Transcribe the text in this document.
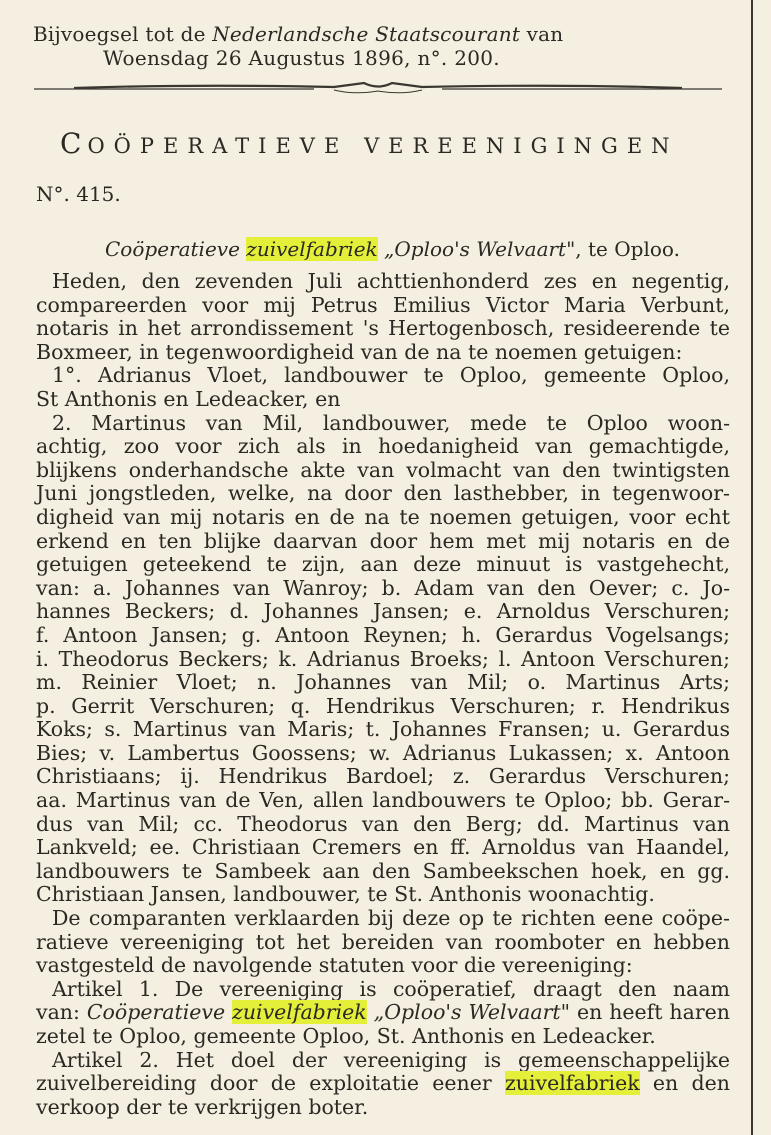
Bijvoegsel tot de Nederlandsche Staatscourant van
Woensdag 26 Augustus 1896, n°. 200.
COÖPERATIEVE VEREENIGINGEN
N°. 415.
Coöperatieve zuivelfabriek „Oploo's Welvaart", te Oploo.
Heden, den zevenden Juli achttienhonderd zes en negentig,
compareerden voor mij Petrus Emilius Victor Maria Verbunt,
notaris in het arrondissement 's Hertogenbosch, resideerende te
Boxmeer, in tegenwoordigheid van de na te noemen getuigen:
1°. Adrianus Vloet, landbouwer te Oploo, gemeente Oploo,
St Anthonis en Ledeacker, en
2. Martinus van Mil, landbouwer, mede te Oploo woon-
achtig, zoo voor zich als in hoedanigheid van gemachtigde,
blijkens onderhandsche akte van volmacht van den twintigsten
Juni jongstleden, welke, na door den lasthebber, in tegenwoor-
digheid van mij notaris en de na te noemen getuigen, voor echt
erkend en ten blijke daarvan door hem met mij notaris en de
getuigen geteekend te zijn, aan deze minuut is vastgehecht,
van: a. Johannes van Wanroy; b. Adam van den Oever; c. Jo-
hannes Beckers; d. Johannes Jansen; e. Arnoldus Verschuren;
f. Antoon Jansen; g. Antoon Reynen; h. Gerardus Vogelsangs;
i. Theodorus Beckers; k. Adrianus Broeks; l. Antoon Verschuren;
m. Reinier Vloet; n. Johannes van Mil; o. Martinus Arts;
p. Gerrit Verschuren; q. Hendrikus Verschuren; r. Hendrikus
Koks; s. Martinus van Maris; t. Johannes Fransen; u. Gerardus
Bies; v. Lambertus Goossens; w. Adrianus Lukassen; x. Antoon
Christiaans; ij. Hendrikus Bardoel; z. Gerardus Verschuren;
aa. Martinus van de Ven, allen landbouwers te Oploo; bb. Gerar-
dus van Mil; cc. Theodorus van den Berg; dd. Martinus van
Lankveld; ee. Christiaan Cremers en ff. Arnoldus van Haandel,
landbouwers te Sambeek aan den Sambeekschen hoek, en gg.
Christiaan Jansen, landbouwer, te St. Anthonis woonachtig.
De comparanten verklaarden bij deze op te richten eene coöpe-
ratieve vereeniging tot het bereiden van roomboter en hebben
vastgesteld de navolgende statuten voor die vereeniging:
Artikel 1. De vereeniging is coöperatief, draagt den naam
van: Coöperatieve zuivelfabriek „Oploo's Welvaart" en heeft haren
zetel te Oploo, gemeente Oploo, St. Anthonis en Ledeacker.
Artikel 2. Het doel der vereeniging is gemeenschappelijke
zuivelbereiding door de exploitatie eener zuivelfabriek en den
verkoop der te verkrijgen boter.
